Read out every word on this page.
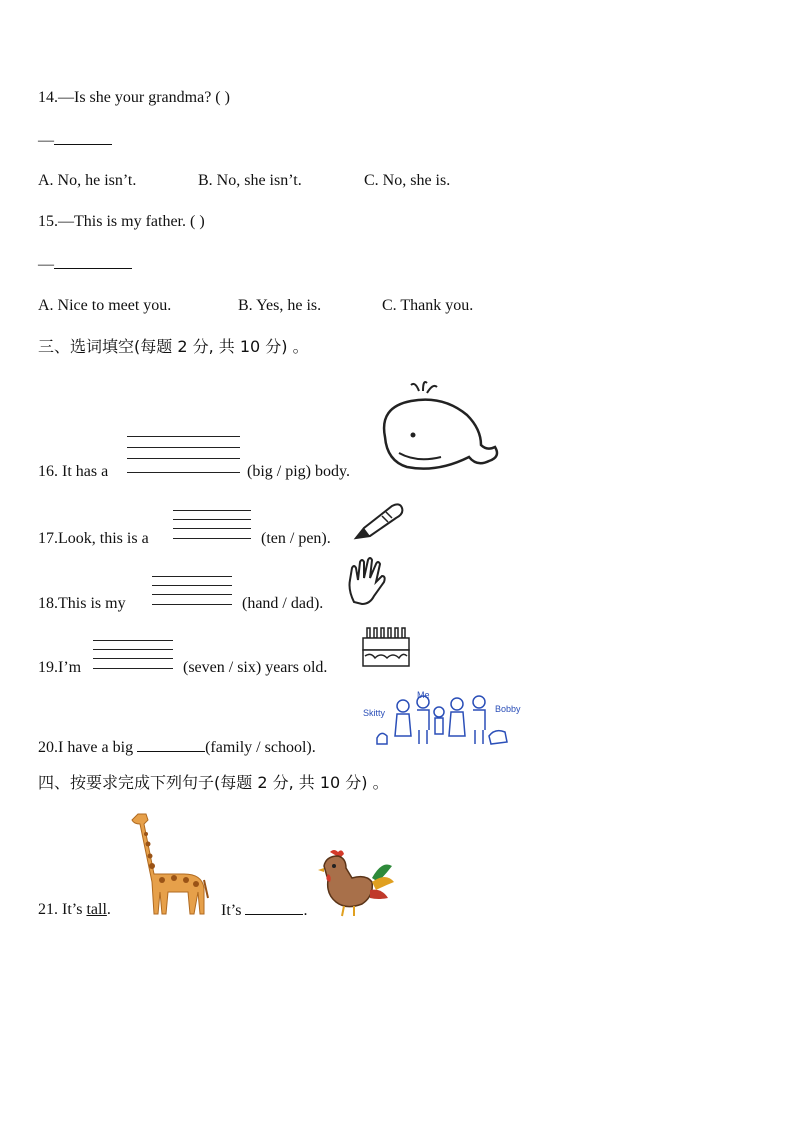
14.—Is she your grandma? ( )
—
A. No, he isn’t.	B. No, she isn’t.	C. No, she is.
15.—This is my father. ( )
—
A. Nice to meet you.	B. Yes, he is.	C. Thank you.
三、选词填空(每题 2 分, 共 10 分) 。
16. It has a	(big / pig) body.
17.Look, this is a	(ten / pen).
18.This is my	(hand / dad).
19.I’m	(seven / six) years old.
20.I have a big	(family / school).
Skitty
Me
Bobby
四、按要求完成下列句子(每题 2 分, 共 10 分) 。
21. It’s tall.	It’s	.
